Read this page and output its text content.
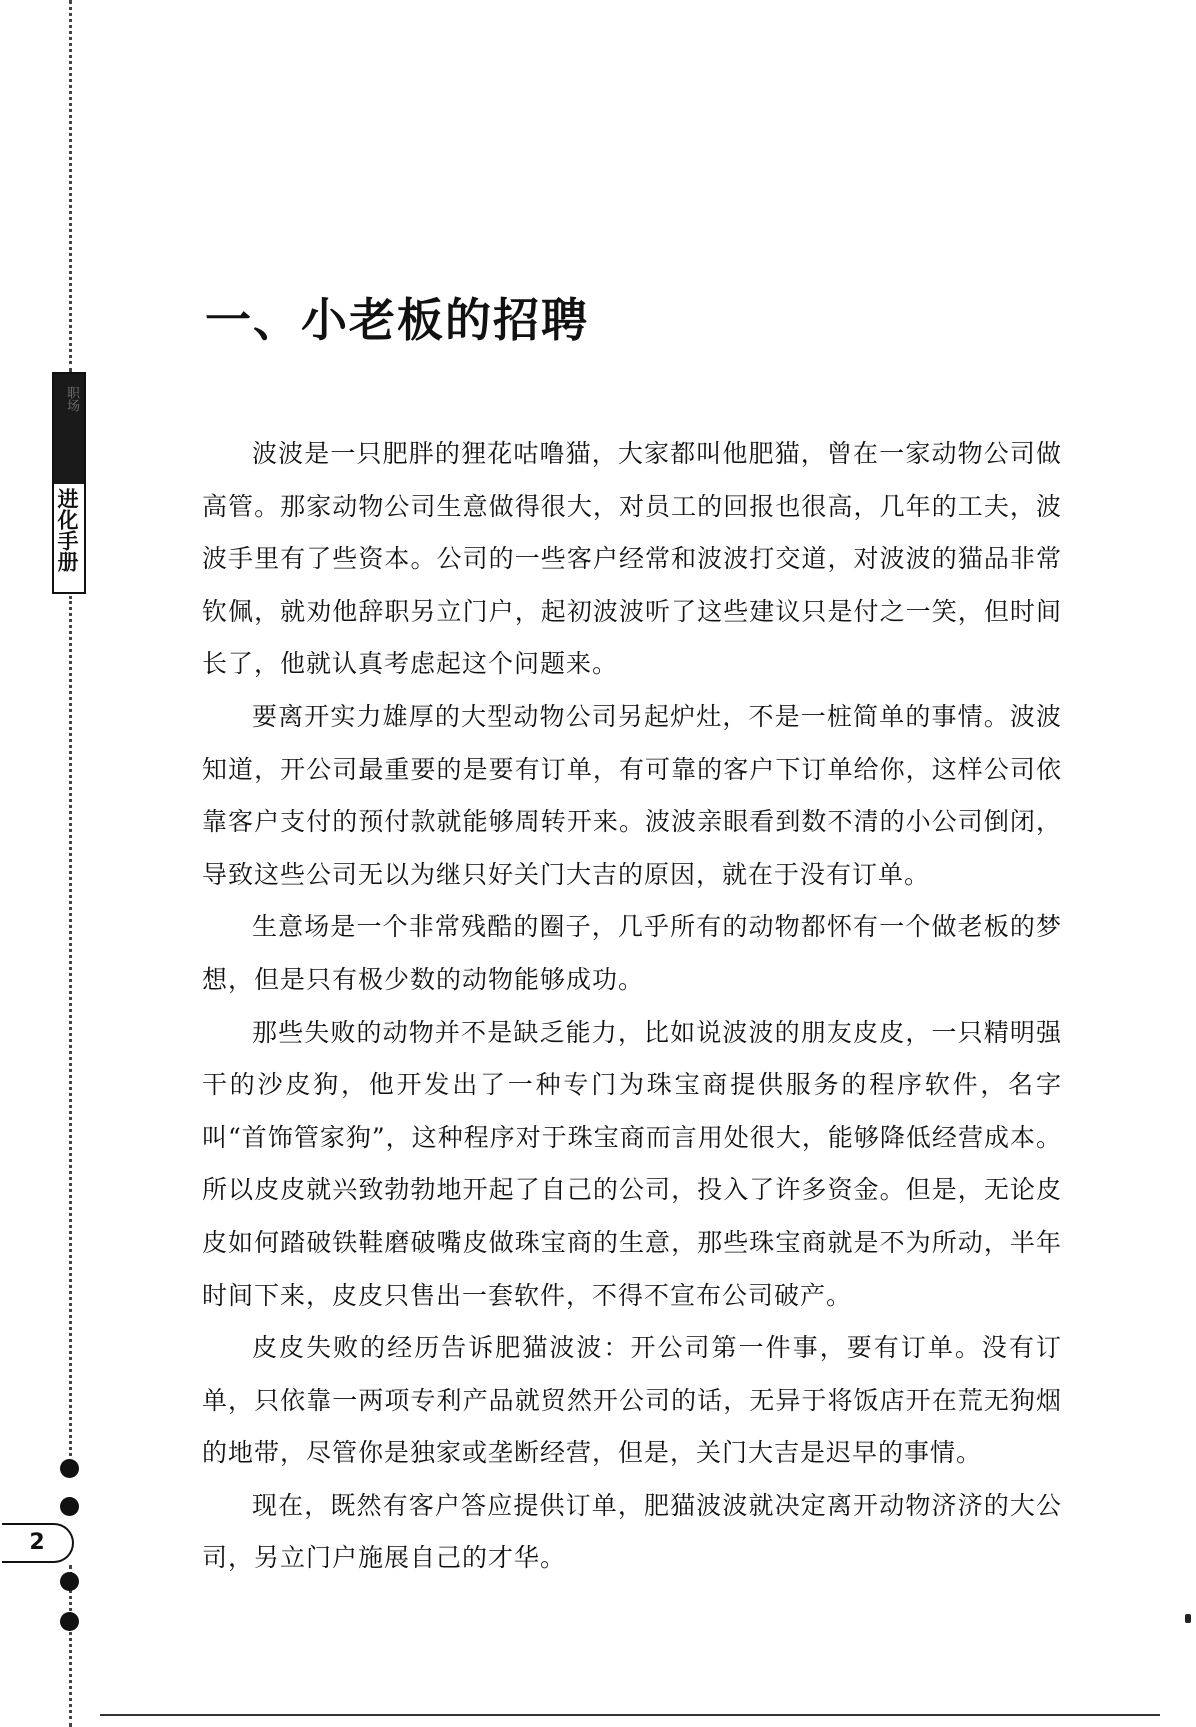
职场
进化手册
2
一、小老板的招聘

波波是一只肥胖的狸花咕噜猫，大家都叫他肥猫，曾在一家动物公司做高管。那家动物公司生意做得很大，对员工的回报也很高，几年的工夫，波波手里有了些资本。公司的一些客户经常和波波打交道，对波波的猫品非常钦佩，就劝他辞职另立门户，起初波波听了这些建议只是付之一笑，但时间长了，他就认真考虑起这个问题来。

要离开实力雄厚的大型动物公司另起炉灶，不是一桩简单的事情。波波知道，开公司最重要的是要有订单，有可靠的客户下订单给你，这样公司依靠客户支付的预付款就能够周转开来。波波亲眼看到数不清的小公司倒闭，导致这些公司无以为继只好关门大吉的原因，就在于没有订单。

生意场是一个非常残酷的圈子，几乎所有的动物都怀有一个做老板的梦想，但是只有极少数的动物能够成功。

那些失败的动物并不是缺乏能力，比如说波波的朋友皮皮，一只精明强干的沙皮狗，他开发出了一种专门为珠宝商提供服务的程序软件，名字叫“首饰管家狗”，这种程序对于珠宝商而言用处很大，能够降低经营成本。所以皮皮就兴致勃勃地开起了自己的公司，投入了许多资金。但是，无论皮皮如何踏破铁鞋磨破嘴皮做珠宝商的生意，那些珠宝商就是不为所动，半年时间下来，皮皮只售出一套软件，不得不宣布公司破产。

皮皮失败的经历告诉肥猫波波：开公司第一件事，要有订单。没有订单，只依靠一两项专利产品就贸然开公司的话，无异于将饭店开在荒无狗烟的地带，尽管你是独家或垄断经营，但是，关门大吉是迟早的事情。

现在，既然有客户答应提供订单，肥猫波波就决定离开动物济济的大公司，另立门户施展自己的才华。
